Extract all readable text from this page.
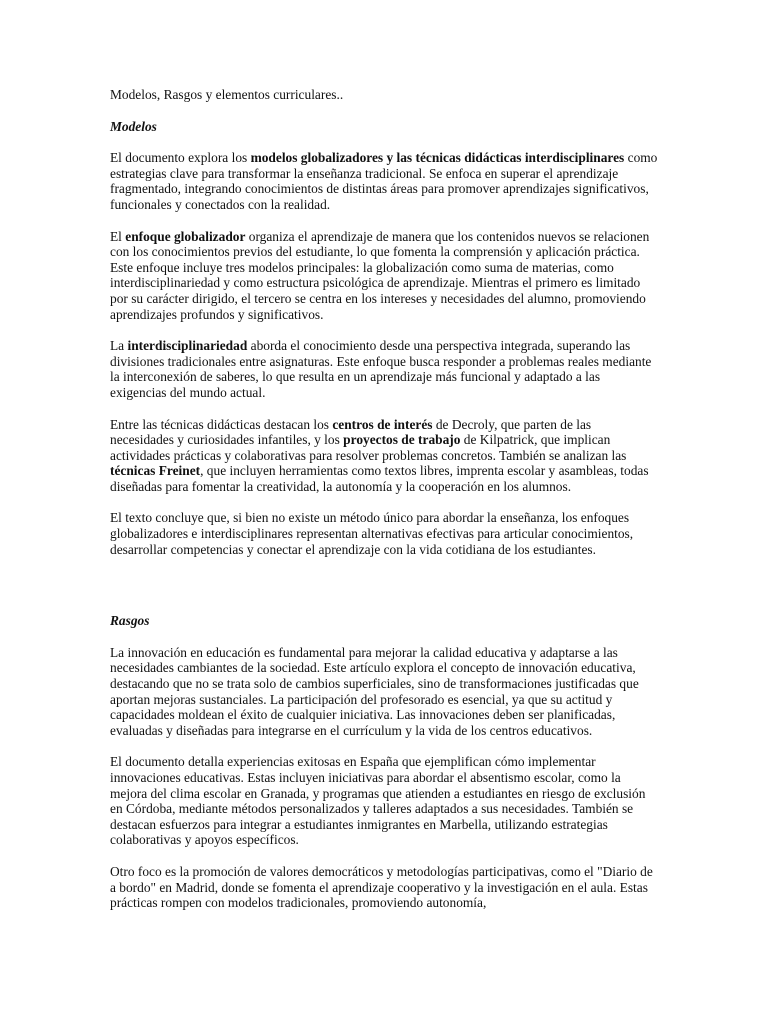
Modelos, Rasgos y elementos curriculares..

Modelos

El documento explora los modelos globalizadores y las técnicas didácticas interdisciplinares como estrategias clave para transformar la enseñanza tradicional. Se enfoca en superar el aprendizaje fragmentado, integrando conocimientos de distintas áreas para promover aprendizajes significativos, funcionales y conectados con la realidad.

El enfoque globalizador organiza el aprendizaje de manera que los contenidos nuevos se relacionen con los conocimientos previos del estudiante, lo que fomenta la comprensión y aplicación práctica. Este enfoque incluye tres modelos principales: la globalización como suma de materias, como interdisciplinariedad y como estructura psicológica de aprendizaje. Mientras el primero es limitado por su carácter dirigido, el tercero se centra en los intereses y necesidades del alumno, promoviendo aprendizajes profundos y significativos.

La interdisciplinariedad aborda el conocimiento desde una perspectiva integrada, superando las divisiones tradicionales entre asignaturas. Este enfoque busca responder a problemas reales mediante la interconexión de saberes, lo que resulta en un aprendizaje más funcional y adaptado a las exigencias del mundo actual.

Entre las técnicas didácticas destacan los centros de interés de Decroly, que parten de las necesidades y curiosidades infantiles, y los proyectos de trabajo de Kilpatrick, que implican actividades prácticas y colaborativas para resolver problemas concretos. También se analizan las técnicas Freinet, que incluyen herramientas como textos libres, imprenta escolar y asambleas, todas diseñadas para fomentar la creatividad, la autonomía y la cooperación en los alumnos.

El texto concluye que, si bien no existe un método único para abordar la enseñanza, los enfoques globalizadores e interdisciplinares representan alternativas efectivas para articular conocimientos, desarrollar competencias y conectar el aprendizaje con la vida cotidiana de los estudiantes.

Rasgos

La innovación en educación es fundamental para mejorar la calidad educativa y adaptarse a las necesidades cambiantes de la sociedad. Este artículo explora el concepto de innovación educativa, destacando que no se trata solo de cambios superficiales, sino de transformaciones justificadas que aportan mejoras sustanciales. La participación del profesorado es esencial, ya que su actitud y capacidades moldean el éxito de cualquier iniciativa. Las innovaciones deben ser planificadas, evaluadas y diseñadas para integrarse en el currículum y la vida de los centros educativos.

El documento detalla experiencias exitosas en España que ejemplifican cómo implementar innovaciones educativas. Estas incluyen iniciativas para abordar el absentismo escolar, como la mejora del clima escolar en Granada, y programas que atienden a estudiantes en riesgo de exclusión en Córdoba, mediante métodos personalizados y talleres adaptados a sus necesidades. También se destacan esfuerzos para integrar a estudiantes inmigrantes en Marbella, utilizando estrategias colaborativas y apoyos específicos.

Otro foco es la promoción de valores democráticos y metodologías participativas, como el "Diario de a bordo" en Madrid, donde se fomenta el aprendizaje cooperativo y la investigación en el aula. Estas prácticas rompen con modelos tradicionales, promoviendo autonomía,
